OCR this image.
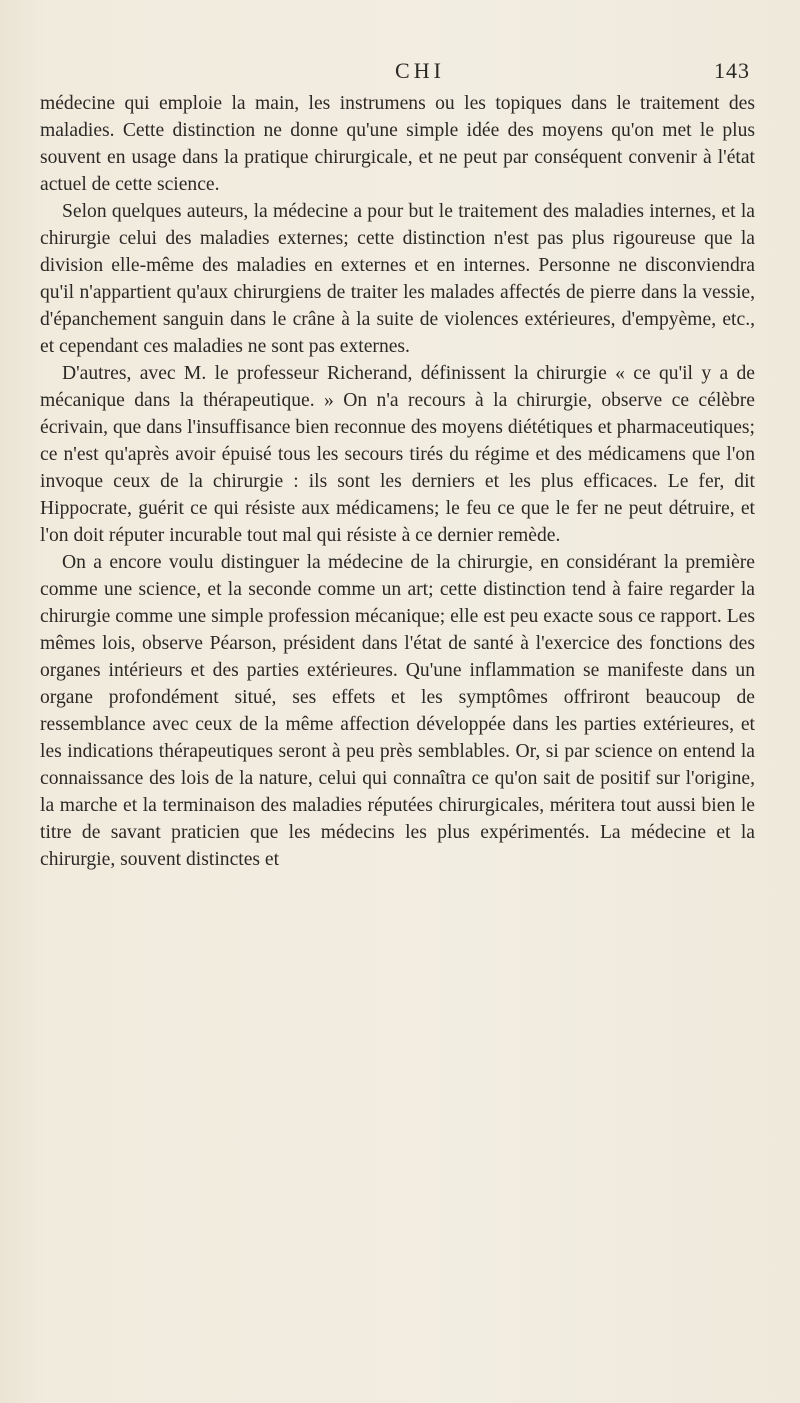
CHI	143

médecine qui emploie la main, les instrumens ou les topiques dans le traitement des maladies. Cette distinction ne donne qu'une simple idée des moyens qu'on met le plus souvent en usage dans la pratique chirurgicale, et ne peut par conséquent convenir à l'état actuel de cette science.

Selon quelques auteurs, la médecine a pour but le traitement des maladies internes, et la chirurgie celui des maladies externes; cette distinction n'est pas plus rigoureuse que la division elle-même des maladies en externes et en internes. Personne ne disconviendra qu'il n'appartient qu'aux chirurgiens de traiter les malades affectés de pierre dans la vessie, d'épanchement sanguin dans le crâne à la suite de violences extérieures, d'empyème, etc., et cependant ces maladies ne sont pas externes.

D'autres, avec M. le professeur Richerand, définissent la chirurgie « ce qu'il y a de mécanique dans la thérapeutique. » On n'a recours à la chirurgie, observe ce célèbre écrivain, que dans l'insuffisance bien reconnue des moyens diététiques et pharmaceutiques; ce n'est qu'après avoir épuisé tous les secours tirés du régime et des médicamens que l'on invoque ceux de la chirurgie : ils sont les derniers et les plus efficaces. Le fer, dit Hippocrate, guérit ce qui résiste aux médicamens; le feu ce que le fer ne peut détruire, et l'on doit réputer incurable tout mal qui résiste à ce dernier remède.

On a encore voulu distinguer la médecine de la chirurgie, en considérant la première comme une science, et la seconde comme un art; cette distinction tend à faire regarder la chirurgie comme une simple profession mécanique; elle est peu exacte sous ce rapport. Les mêmes lois, observe Péarson, président dans l'état de santé à l'exercice des fonctions des organes intérieurs et des parties extérieures. Qu'une inflammation se manifeste dans un organe profondément situé, ses effets et les symptômes offriront beaucoup de ressemblance avec ceux de la même affection développée dans les parties extérieures, et les indications thérapeutiques seront à peu près semblables. Or, si par science on entend la connaissance des lois de la nature, celui qui connaîtra ce qu'on sait de positif sur l'origine, la marche et la terminaison des maladies réputées chirurgicales, méritera tout aussi bien le titre de savant praticien que les médecins les plus expérimentés. La médecine et la chirurgie, souvent distinctes et
